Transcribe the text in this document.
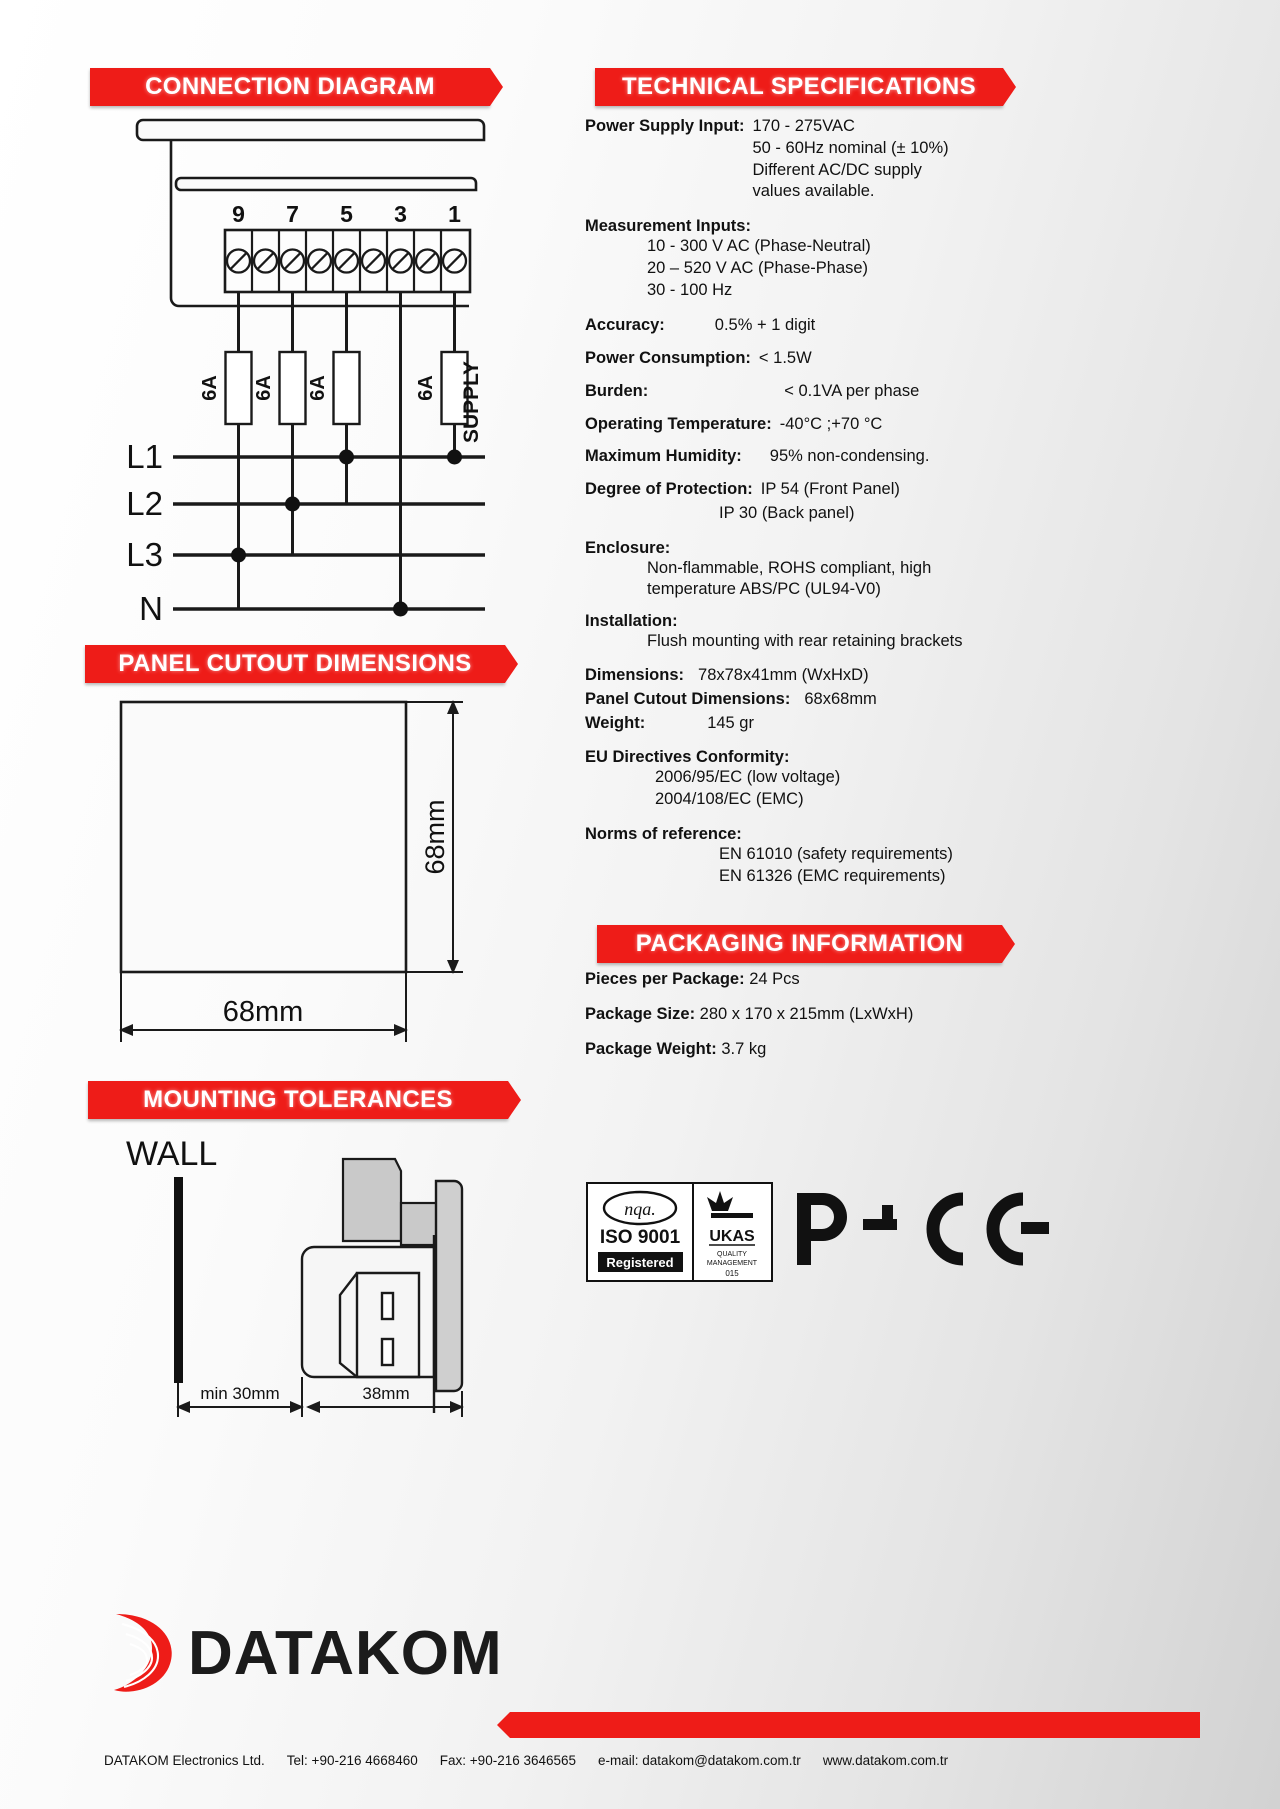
CONNECTION DIAGRAM
9 7 5 3 1
6A 6A 6A	6A SUPPLY
L1
L2
L3
N
PANEL CUTOUT DIMENSIONS
68mm
68mm
MOUNTING TOLERANCES
WALL
min 30mm	38mm
TECHNICAL SPECIFICATIONS
Power Supply Input: 170 - 275VAC
50 - 60Hz nominal (± 10%)
Different AC/DC supply
values available.
Measurement Inputs:
10 - 300 V AC (Phase-Neutral)
20 – 520 V AC (Phase-Phase)
30 - 100 Hz
Accuracy:	0.5% + 1 digit
Power Consumption: < 1.5W
Burden:	< 0.1VA per phase
Operating Temperature: -40°C ;+70 °C
Maximum Humidity: 95% non-condensing.
Degree of Protection: IP 54 (Front Panel)
IP 30 (Back panel)
Enclosure:
Non-flammable, ROHS compliant, high
temperature ABS/PC (UL94-V0)
Installation:
Flush mounting with rear retaining brackets
Dimensions: 78x78x41mm (WxHxD)
Panel Cutout Dimensions: 68x68mm
Weight:	145 gr
EU Directives Conformity:
2006/95/EC (low voltage)
2004/108/EC (EMC)
Norms of reference:
EN 61010 (safety requirements)
EN 61326 (EMC requirements)
PACKAGING INFORMATION
Pieces per Package: 24 Pcs
Package Size: 280 x 170 x 215mm (LxWxH)
Package Weight: 3.7 kg
nqa.
ISO 9001
Registered
UKAS
QUALITY
MANAGEMENT
015
DATAKOM
DATAKOM Electronics Ltd. Tel: +90-216 4668460 Fax: +90-216 3646565 e-mail: datakom@datakom.com.tr www.datakom.com.tr
